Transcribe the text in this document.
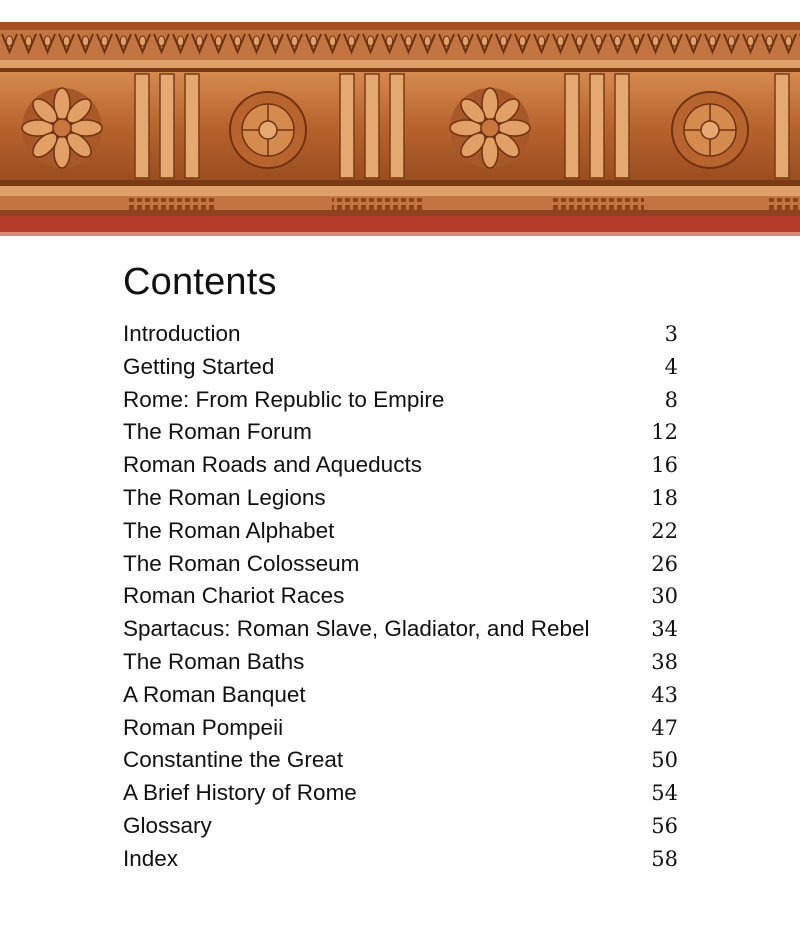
Contents
Introduction	3
Getting Started	4
Rome: From Republic to Empire	8
The Roman Forum	12
Roman Roads and Aqueducts	16
The Roman Legions	18
The Roman Alphabet	22
The Roman Colosseum	26
Roman Chariot Races	30
Spartacus: Roman Slave, Gladiator, and Rebel	34
The Roman Baths	38
A Roman Banquet	43
Roman Pompeii	47
Constantine the Great	50
A Brief History of Rome	54
Glossary	56
Index	58
